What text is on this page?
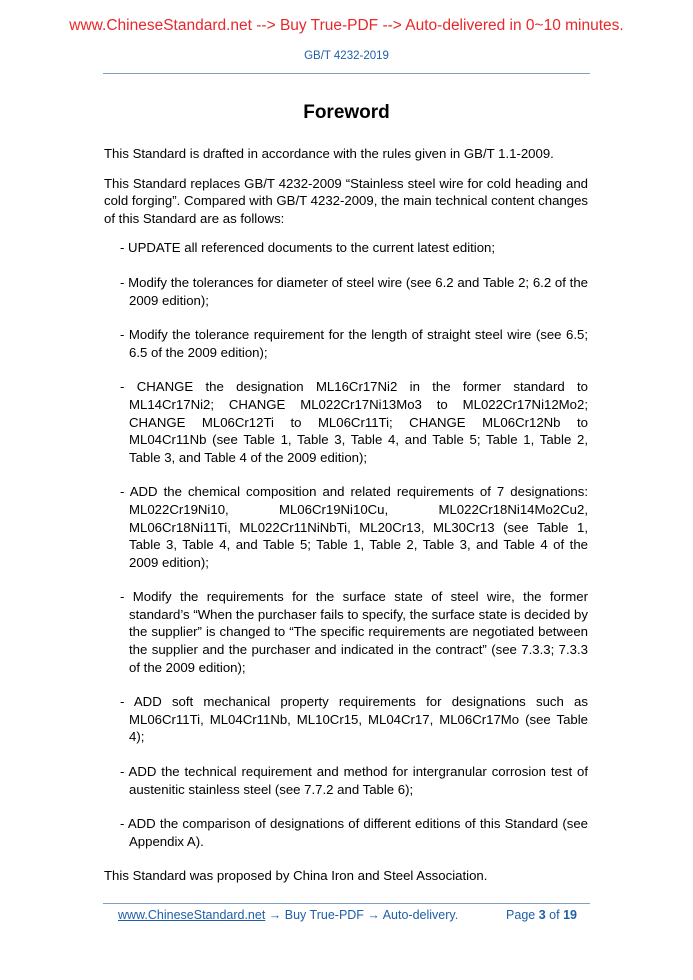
www.ChineseStandard.net --> Buy True-PDF --> Auto-delivered in 0~10 minutes.
GB/T 4232-2019
Foreword

This Standard is drafted in accordance with the rules given in GB/T 1.1-2009.

This Standard replaces GB/T 4232-2009 “Stainless steel wire for cold heading and cold forging”. Compared with GB/T 4232-2009, the main technical content changes of this Standard are as follows:

- UPDATE all referenced documents to the current latest edition;
- Modify the tolerances for diameter of steel wire (see 6.2 and Table 2; 6.2 of the 2009 edition);
- Modify the tolerance requirement for the length of straight steel wire (see 6.5; 6.5 of the 2009 edition);
- CHANGE the designation ML16Cr17Ni2 in the former standard to ML14Cr17Ni2; CHANGE ML022Cr17Ni13Mo3 to ML022Cr17Ni12Mo2; CHANGE ML06Cr12Ti to ML06Cr11Ti; CHANGE ML06Cr12Nb to ML04Cr11Nb (see Table 1, Table 3, Table 4, and Table 5; Table 1, Table 2, Table 3, and Table 4 of the 2009 edition);
- ADD the chemical composition and related requirements of 7 designations: ML022Cr19Ni10, ML06Cr19Ni10Cu, ML022Cr18Ni14Mo2Cu2, ML06Cr18Ni11Ti, ML022Cr11NiNbTi, ML20Cr13, ML30Cr13 (see Table 1, Table 3, Table 4, and Table 5; Table 1, Table 2, Table 3, and Table 4 of the 2009 edition);
- Modify the requirements for the surface state of steel wire, the former standard’s “When the purchaser fails to specify, the surface state is decided by the supplier” is changed to “The specific requirements are negotiated between the supplier and the purchaser and indicated in the contract” (see 7.3.3; 7.3.3 of the 2009 edition);
- ADD soft mechanical property requirements for designations such as ML06Cr11Ti, ML04Cr11Nb, ML10Cr15, ML04Cr17, ML06Cr17Mo (see Table 4);
- ADD the technical requirement and method for intergranular corrosion test of austenitic stainless steel (see 7.7.2 and Table 6);
- ADD the comparison of designations of different editions of this Standard (see Appendix A).

This Standard was proposed by China Iron and Steel Association.

www.ChineseStandard.net → Buy True-PDF → Auto-delivery.	Page 3 of 19
